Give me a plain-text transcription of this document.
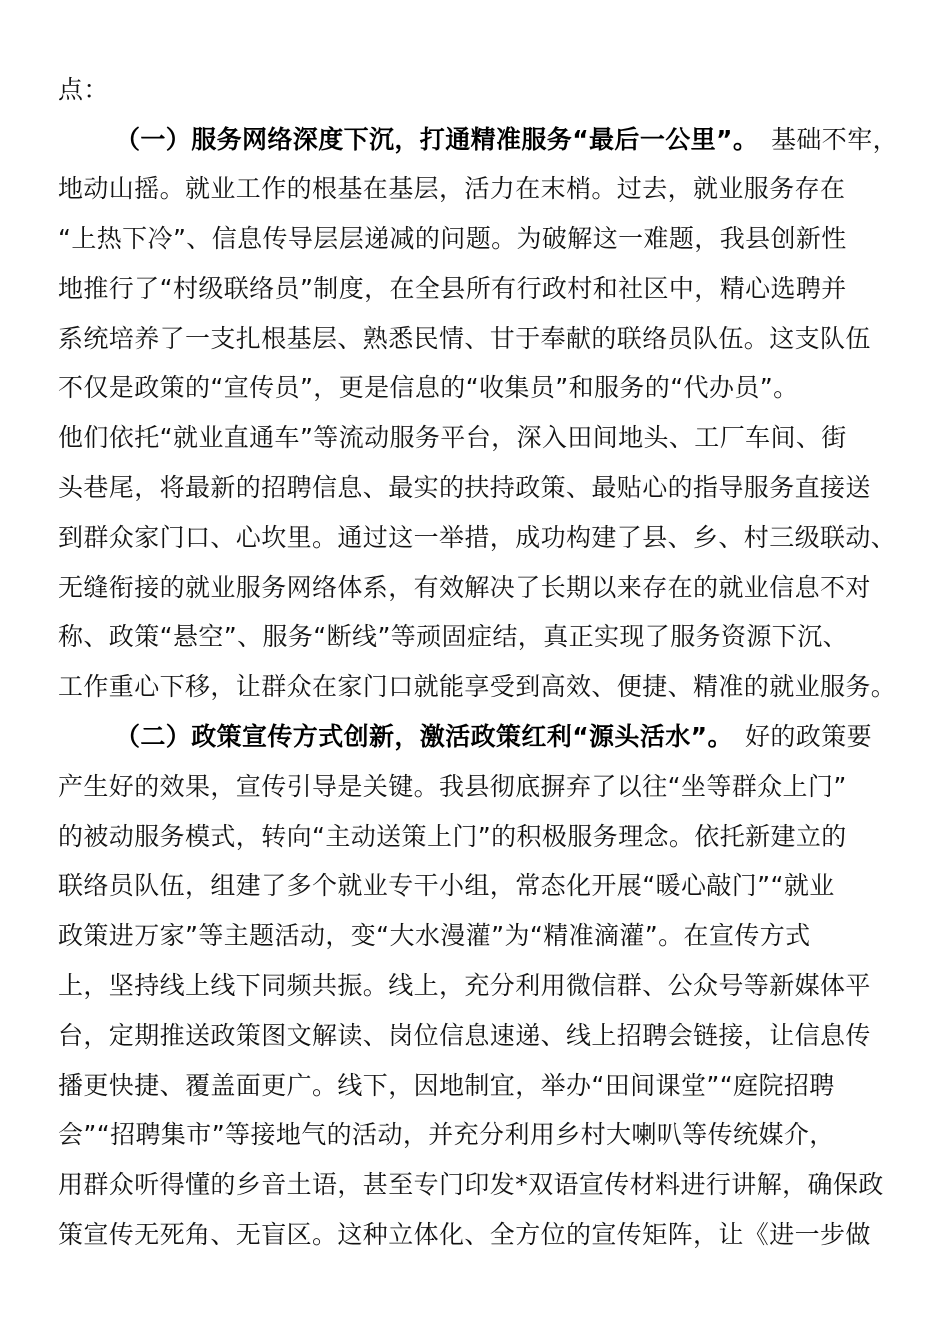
点：
（一）服务网络深度下沉，打通精准服务“最后一公里”。 基础不牢，
地动山摇。就业工作的根基在基层，活力在末梢。过去，就业服务存在
“上热下冷”、信息传导层层递减的问题。为破解这一难题，我县创新性
地推行了“村级联络员”制度，在全县所有行政村和社区中，精心选聘并
系统培养了一支扎根基层、熟悉民情、甘于奉献的联络员队伍。这支队伍
不仅是政策的“宣传员”，更是信息的“收集员”和服务的“代办员”。
他们依托“就业直通车”等流动服务平台，深入田间地头、工厂车间、街
头巷尾，将最新的招聘信息、最实的扶持政策、最贴心的指导服务直接送
到群众家门口、心坎里。通过这一举措，成功构建了县、乡、村三级联动、
无缝衔接的就业服务网络体系，有效解决了长期以来存在的就业信息不对
称、政策“悬空”、服务“断线”等顽固症结，真正实现了服务资源下沉、
工作重心下移，让群众在家门口就能享受到高效、便捷、精准的就业服务。
（二）政策宣传方式创新，激活政策红利“源头活水”。 好的政策要
产生好的效果，宣传引导是关键。我县彻底摒弃了以往“坐等群众上门”
的被动服务模式，转向“主动送策上门”的积极服务理念。依托新建立的
联络员队伍，组建了多个就业专干小组，常态化开展“暖心敲门”“就业
政策进万家”等主题活动，变“大水漫灌”为“精准滴灌”。在宣传方式
上，坚持线上线下同频共振。线上，充分利用微信群、公众号等新媒体平
台，定期推送政策图文解读、岗位信息速递、线上招聘会链接，让信息传
播更快捷、覆盖面更广。线下，因地制宜，举办“田间课堂”“庭院招聘
会”“招聘集市”等接地气的活动，并充分利用乡村大喇叭等传统媒介，
用群众听得懂的乡音土语，甚至专门印发*双语宣传材料进行讲解，确保政
策宣传无死角、无盲区。这种立体化、全方位的宣传矩阵，让《进一步做
